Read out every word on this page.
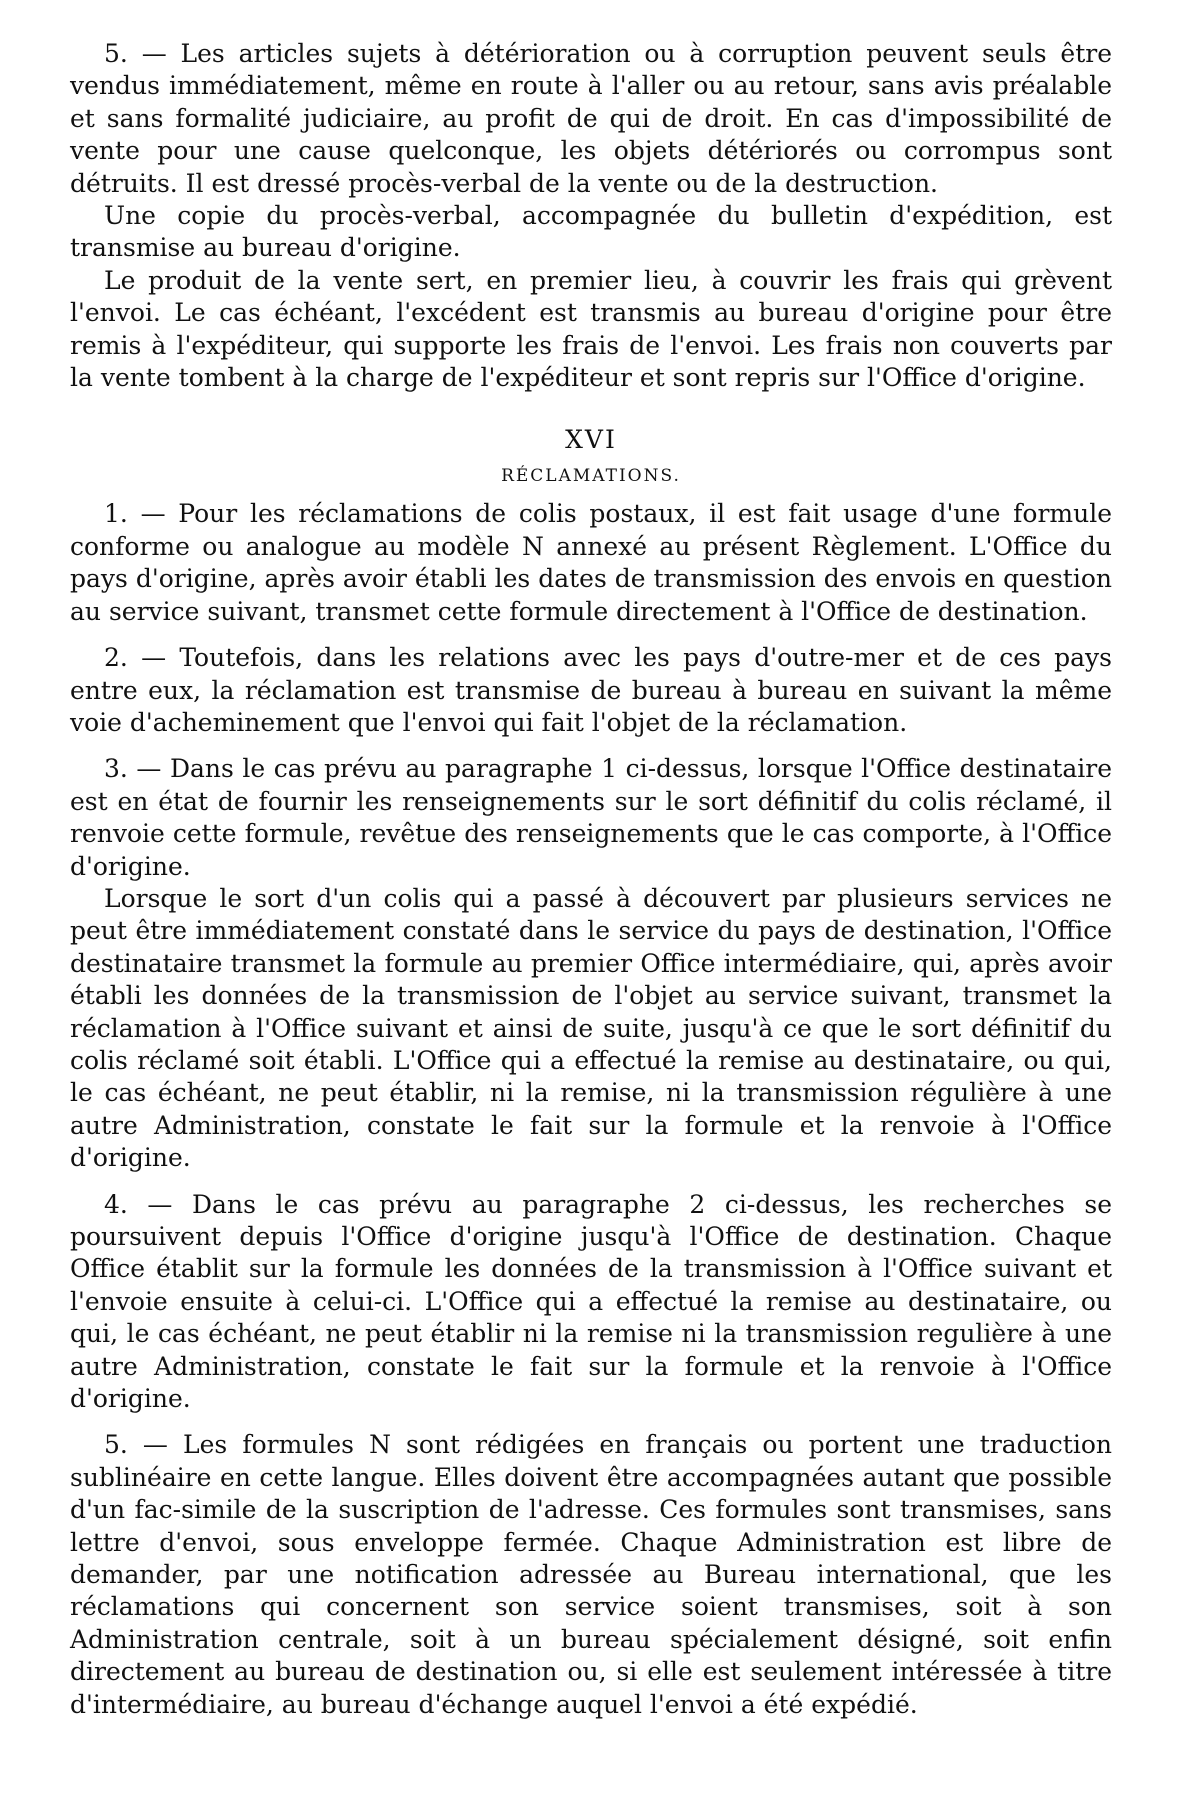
5. — Les articles sujets à détérioration ou à corruption peuvent seuls être vendus immédiatement, même en route à l'aller ou au retour, sans avis préalable et sans formalité judiciaire, au profit de qui de droit. En cas d'impossibilité de vente pour une cause quelconque, les objets détériorés ou corrompus sont détruits. Il est dressé procès-verbal de la vente ou de la destruction.

Une copie du procès-verbal, accompagnée du bulletin d'expédition, est transmise au bureau d'origine.

Le produit de la vente sert, en premier lieu, à couvrir les frais qui grèvent l'envoi. Le cas échéant, l'excédent est transmis au bureau d'origine pour être remis à l'expéditeur, qui supporte les frais de l'envoi. Les frais non couverts par la vente tombent à la charge de l'expéditeur et sont repris sur l'Office d'origine.

XVI
RÉCLAMATIONS.

1. — Pour les réclamations de colis postaux, il est fait usage d'une formule conforme ou analogue au modèle N annexé au présent Règlement. L'Office du pays d'origine, après avoir établi les dates de transmission des envois en question au service suivant, transmet cette formule directement à l'Office de destination.

2. — Toutefois, dans les relations avec les pays d'outre-mer et de ces pays entre eux, la réclamation est transmise de bureau à bureau en suivant la même voie d'acheminement que l'envoi qui fait l'objet de la réclamation.

3. — Dans le cas prévu au paragraphe 1 ci-dessus, lorsque l'Office destinataire est en état de fournir les renseignements sur le sort définitif du colis réclamé, il renvoie cette formule, revêtue des renseignements que le cas comporte, à l'Office d'origine.

Lorsque le sort d'un colis qui a passé à découvert par plusieurs services ne peut être immédiatement constaté dans le service du pays de destination, l'Office destinataire transmet la formule au premier Office intermédiaire, qui, après avoir établi les données de la transmission de l'objet au service suivant, transmet la réclamation à l'Office suivant et ainsi de suite, jusqu'à ce que le sort définitif du colis réclamé soit établi. L'Office qui a effectué la remise au destinataire, ou qui, le cas échéant, ne peut établir, ni la remise, ni la transmission régulière à une autre Administration, constate le fait sur la formule et la renvoie à l'Office d'origine.

4. — Dans le cas prévu au paragraphe 2 ci-dessus, les recherches se poursuivent depuis l'Office d'origine jusqu'à l'Office de destination. Chaque Office établit sur la formule les données de la transmission à l'Office suivant et l'envoie ensuite à celui-ci. L'Office qui a effectué la remise au destinataire, ou qui, le cas échéant, ne peut établir ni la remise ni la transmission regulière à une autre Administration, constate le fait sur la formule et la renvoie à l'Office d'origine.

5. — Les formules N sont rédigées en français ou portent une traduction sublinéaire en cette langue. Elles doivent être accompagnées autant que possible d'un fac-simile de la suscription de l'adresse. Ces formules sont transmises, sans lettre d'envoi, sous enveloppe fermée. Chaque Administration est libre de demander, par une notification adressée au Bureau international, que les réclamations qui concernent son service soient transmises, soit à son Administration centrale, soit à un bureau spécialement désigné, soit enfin directement au bureau de destination ou, si elle est seulement intéressée à titre d'intermédiaire, au bureau d'échange auquel l'envoi a été expédié.
